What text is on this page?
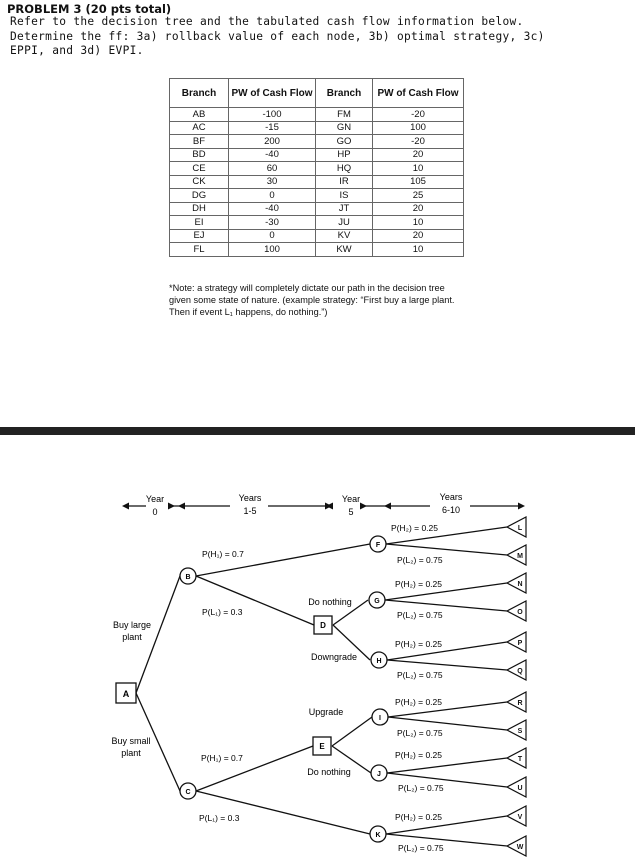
PROBLEM 3 (20 pts total)
Refer to the decision tree and the tabulated cash flow information below.
Determine the ff: 3a) rollback value of each node, 3b) optimal strategy, 3c)
EPPI, and 3d) EVPI.
Branch	PW of Cash Flow	Branch	PW of Cash Flow
AB	-100	FM	-20
AC	-15	GN	100
BF	200	GO	-20
BD	-40	HP	20
CE	60	HQ	10
CK	30	IR	105
DG	0	IS	25
DH	-40	JT	20
EI	-30	JU	10
EJ	0	KV	20
FL	100	KW	10
*Note: a strategy will completely dictate our path in the decision tree given some state of nature. (example strategy: “First buy a large plant. Then if event L₁ happens, do nothing.”)
Year
0
Years
1-5
Year
5
Years
6-10
A
D
E
B
C
F
G
H
I
J
K
Buy large
plant
Buy small
plant
Do nothing
Downgrade
Upgrade
Do nothing
P(H₁) = 0.7
P(L₁) = 0.3
P(H₁) = 0.7
P(L₁) = 0.3
P(H₂) = 0.25
P(L₂) = 0.75
P(H₂) = 0.25
P(L₂) = 0.75
P(H₂) = 0.25
P(L₂) = 0.75
P(H₂) = 0.25
P(L₂) = 0.75
P(H₂) = 0.25
P(L₂) = 0.75
P(H₂) = 0.25
P(L₂) = 0.75
L
M
N
O
P
Q
R
S
T
U
V
W
